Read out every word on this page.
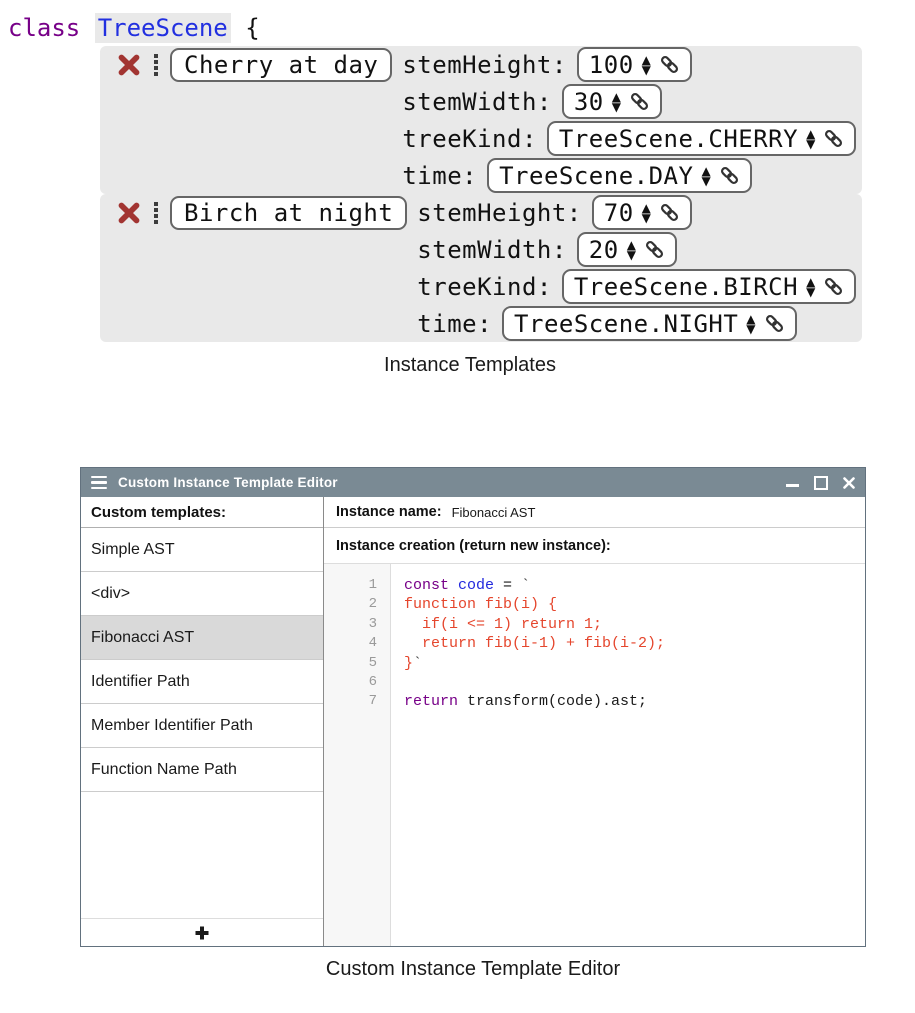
class TreeScene {
Cherry at day	stemHeight: 100 ▲
▼
stemWidth: 30 ▲
▼
treeKind: TreeScene.CHERRY ▲
▼
time: TreeScene.DAY ▲
▼
Birch at night	stemHeight: 70 ▲
▼
stemWidth: 20 ▲
▼
treeKind: TreeScene.BIRCH ▲
▼
time: TreeScene.NIGHT ▲
▼
Instance Templates
Custom Instance Template Editor
Custom templates:
Simple AST
<div>
Fibonacci AST
Identifier Path
Member Identifier Path
Function Name Path
Instance name: Fibonacci AST
Instance creation (return new instance):
1
2
3
4
5
6
7
const code = `
function fib(i) {
if(i <= 1) return 1;
return fib(i-1) + fib(i-2);
}`
return transform(code).ast;
Custom Instance Template Editor
